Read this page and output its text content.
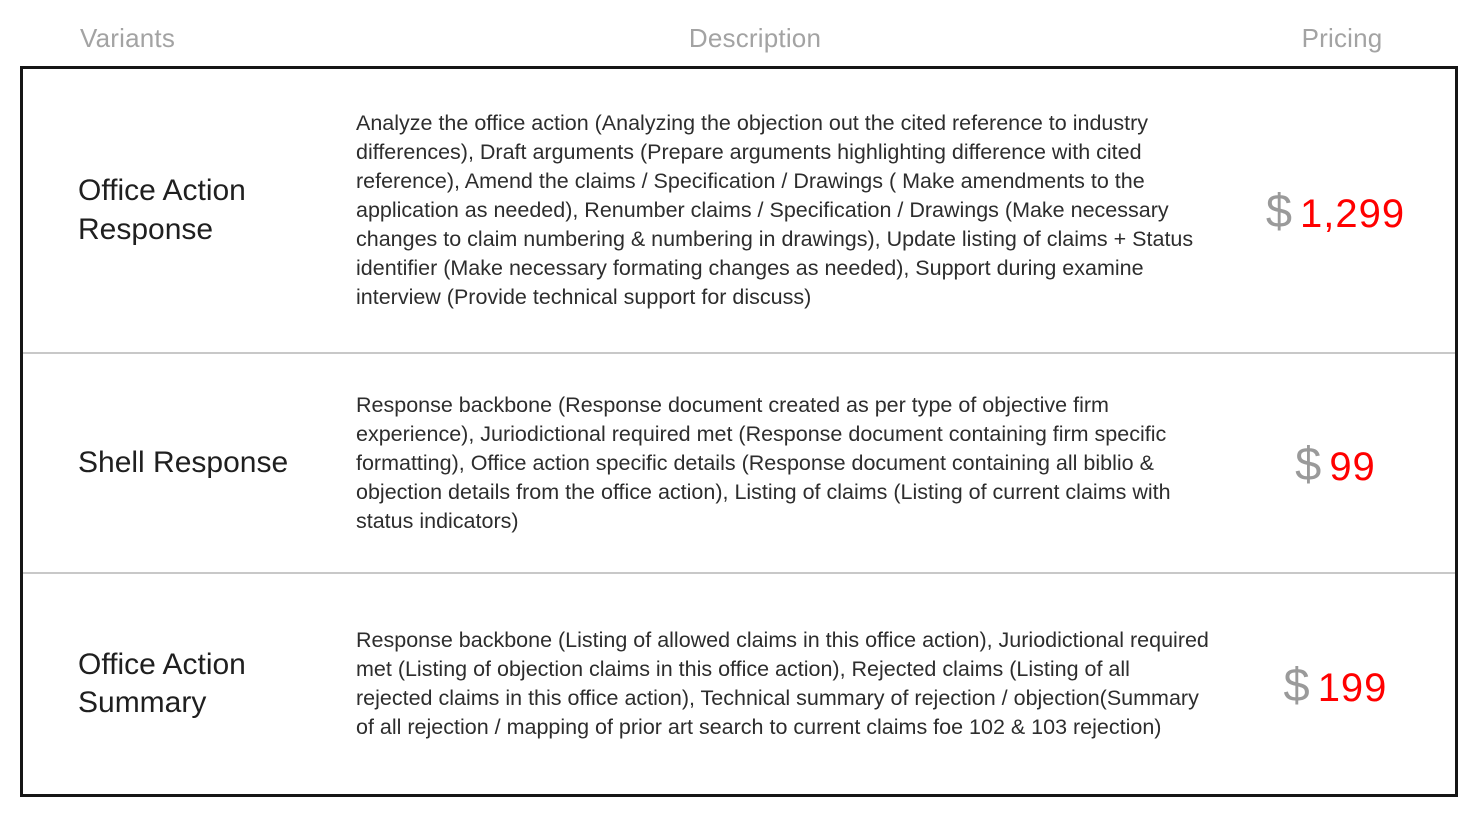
Variants	Description	Pricing
Office Action Response
Analyze the office action (Analyzing the objection out the cited reference to industry differences), Draft arguments (Prepare arguments highlighting difference with cited reference), Amend the claims / Specification / Drawings ( Make amendments to the application as needed), Renumber claims / Specification / Drawings (Make necessary changes to claim numbering & numbering in drawings), Update listing of claims + Status identifier (Make necessary formating changes as needed), Support during examine interview (Provide technical support for discuss)
$ 1,299
Shell Response
Response backbone (Response document created as per type of objective firm experience), Juriodictional required met (Response document containing firm specific formatting), Office action specific details (Response document containing all biblio & objection details from the office action), Listing of claims (Listing of current claims with status indicators)
$ 99
Office Action Summary
Response backbone (Listing of allowed claims in this office action), Juriodictional required met (Listing of objection claims in this office action), Rejected claims (Listing of all rejected claims in this office action), Technical summary of rejection / objection(Summary of all rejection / mapping of prior art search to current claims foe 102 & 103 rejection)
$ 199
